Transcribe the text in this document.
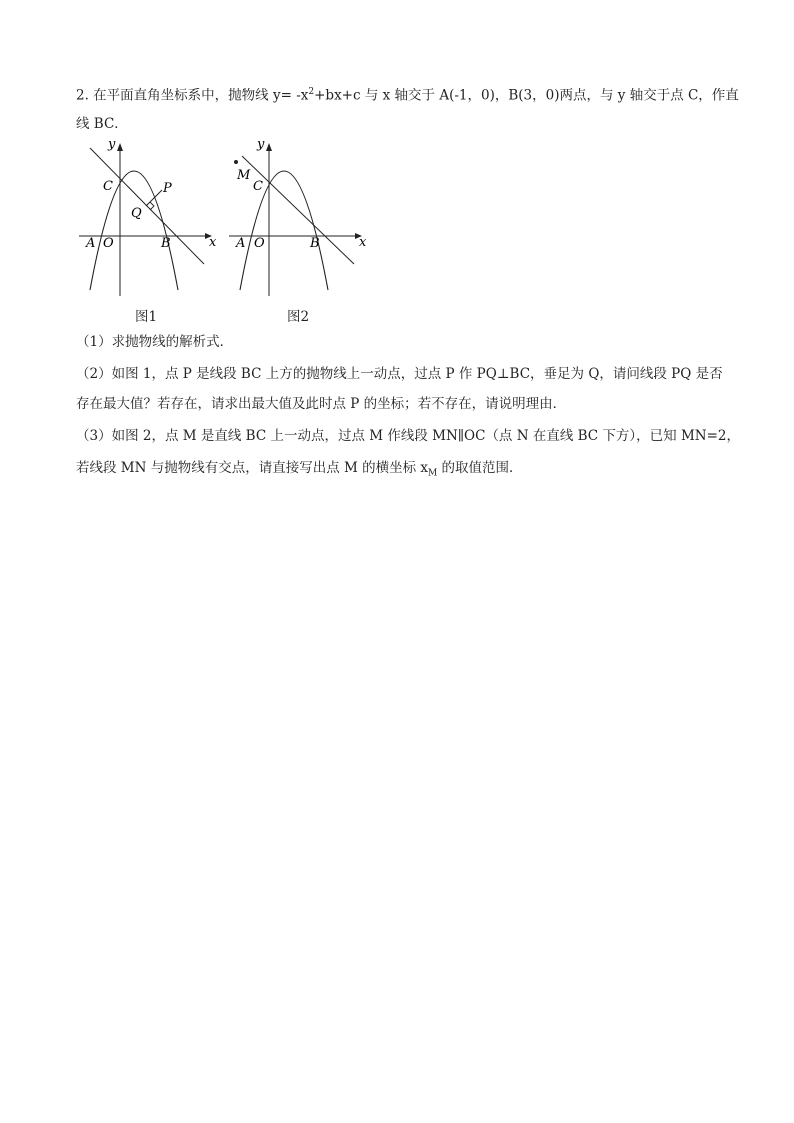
2. 在平面直角坐标系中，抛物线 $y= -x^2+bx+c$ 与 x 轴交于 A(-1，0)，B(3，0)两点，与 y 轴交于点 C，作直
线 BC．
y
x
C	P
Q
A O	B
图1
y
x
M
C
A O	B
图2
（1）求抛物线的解析式．
（2）如图 1，点 P 是线段 BC 上方的抛物线上一动点，过点 P 作 PQ⊥BC，垂足为 Q，请问线段 PQ 是否
存在最大值？若存在，请求出最大值及此时点 P 的坐标；若不存在，请说明理由．
（3）如图 2，点 M 是直线 BC 上一动点，过点 M 作线段 MN∥OC（点 N 在直线 BC 下方），已知 MN=2，
若线段 MN 与抛物线有交点，请直接写出点 M 的横坐标 $x_M$ 的取值范围．
